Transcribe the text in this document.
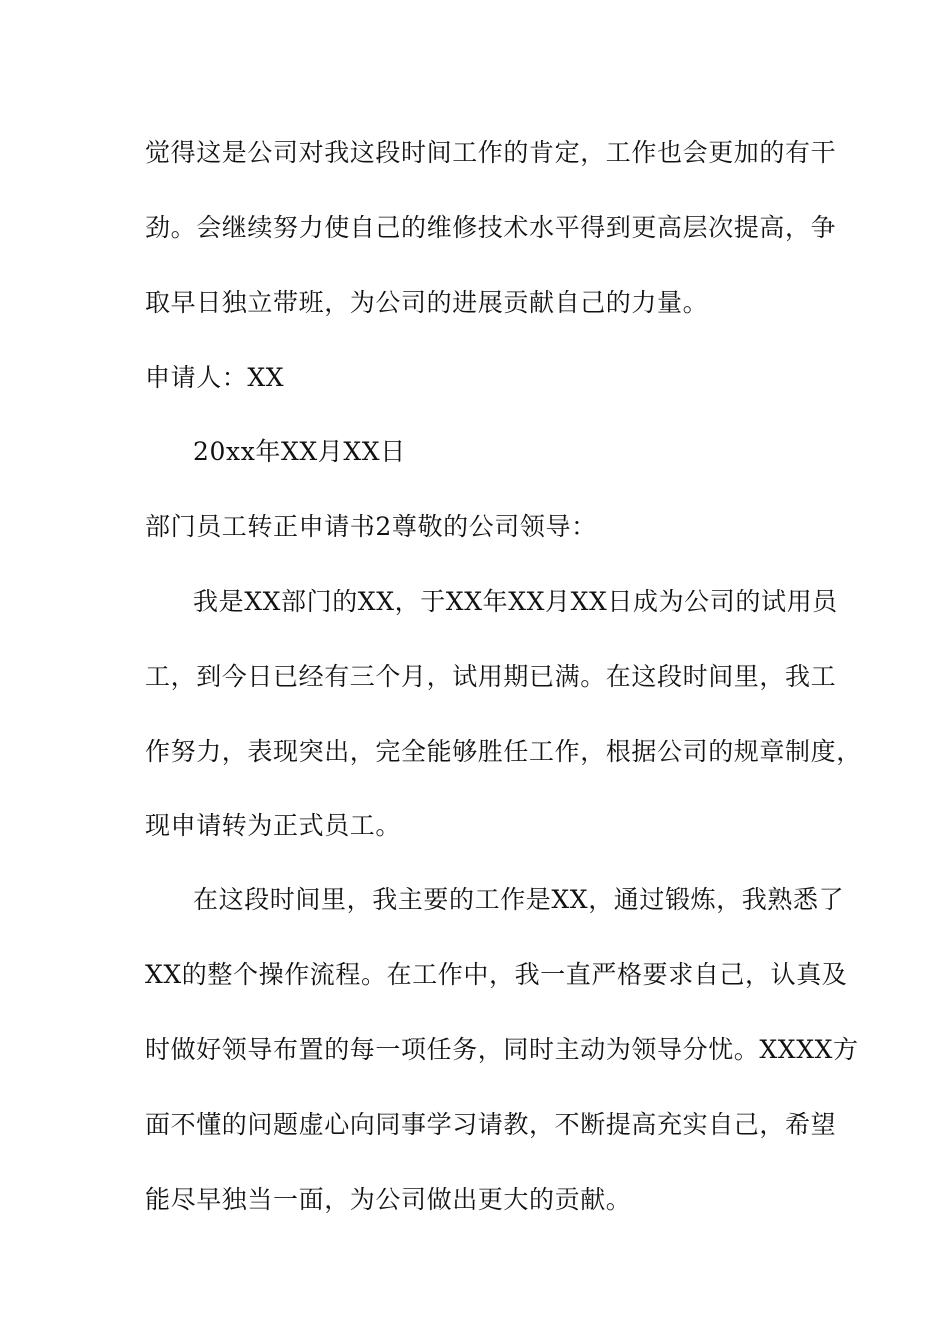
觉得这是公司对我这段时间工作的肯定，工作也会更加的有干
劲。会继续努力使自己的维修技术水平得到更高层次提高，争
取早日独立带班，为公司的进展贡献自己的力量。
申请人：XX
20xx年XX月XX日
部门员工转正申请书2尊敬的公司领导：
我是XX部门的XX，于XX年XX月XX日成为公司的试用员
工，到今日已经有三个月，试用期已满。在这段时间里，我工
作努力，表现突出，完全能够胜任工作，根据公司的规章制度，
现申请转为正式员工。
在这段时间里，我主要的工作是XX，通过锻炼，我熟悉了
XX的整个操作流程。在工作中，我一直严格要求自己，认真及
时做好领导布置的每一项任务，同时主动为领导分忧。XXXX方
面不懂的问题虚心向同事学习请教，不断提高充实自己，希望
能尽早独当一面，为公司做出更大的贡献。
